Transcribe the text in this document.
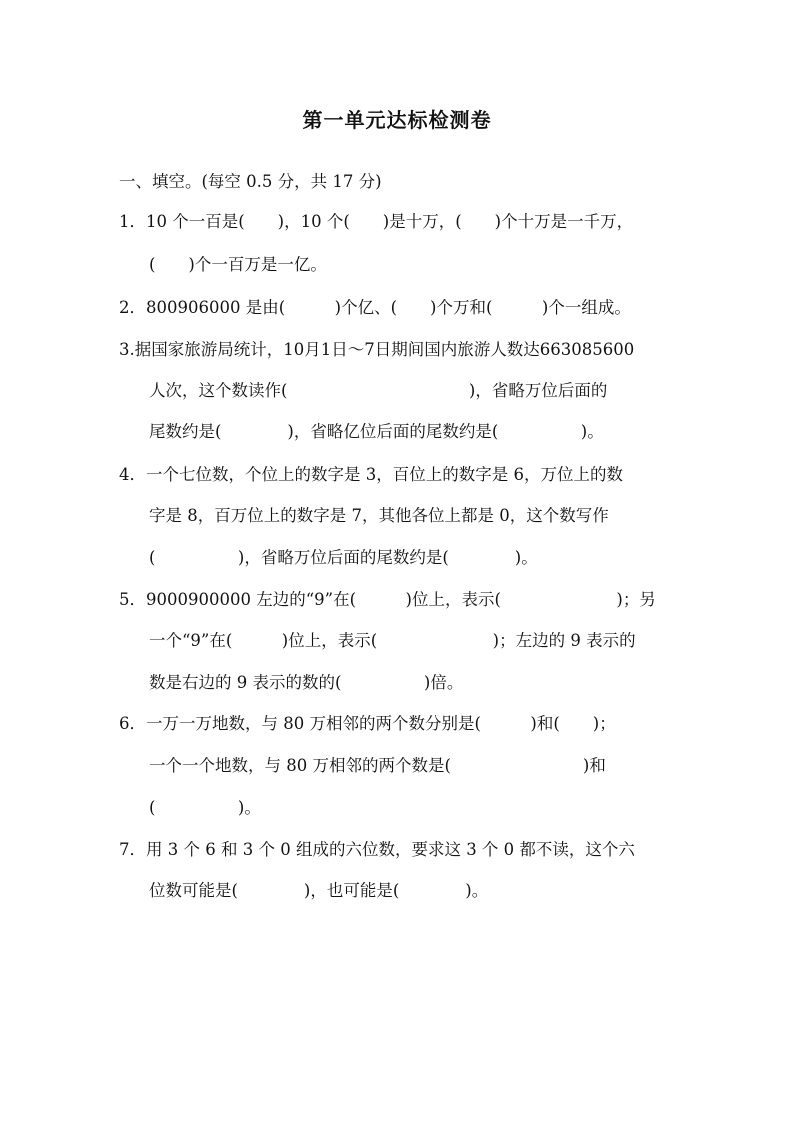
第一单元达标检测卷
一、填空。(每空 0.5 分，共 17 分)
1．10 个一百是(　　)，10 个(　　)是十万，(　　)个十万是一千万，
(　　)个一百万是一亿。
2．800906000 是由(　　　)个亿、(　　)个万和(　　　)个一组成。
3.据国家旅游局统计，10月1日～7日期间国内旅游人数达663085600
人次，这个数读作(　　　　　　　　　　　)，省略万位后面的
尾数约是(　　　　)，省略亿位后面的尾数约是(　　　　　)。
4．一个七位数，个位上的数字是 3，百位上的数字是 6，万位上的数
字是 8，百万位上的数字是 7，其他各位上都是 0，这个数写作
(　　　　　)，省略万位后面的尾数约是(　　　　)。
5．9000900000 左边的“9”在(　　　)位上，表示(　　　　　　　)；另
一个“9”在(　　　)位上，表示(　　　　　　　)；左边的 9 表示的
数是右边的 9 表示的数的(　　　　　)倍。
6．一万一万地数，与 80 万相邻的两个数分别是(　　　)和(　　)；
一个一个地数，与 80 万相邻的两个数是(　　　　　　　　)和
(　　　　　)。
7．用 3 个 6 和 3 个 0 组成的六位数，要求这 3 个 0 都不读，这个六
位数可能是(　　　　)，也可能是(　　　　)。
